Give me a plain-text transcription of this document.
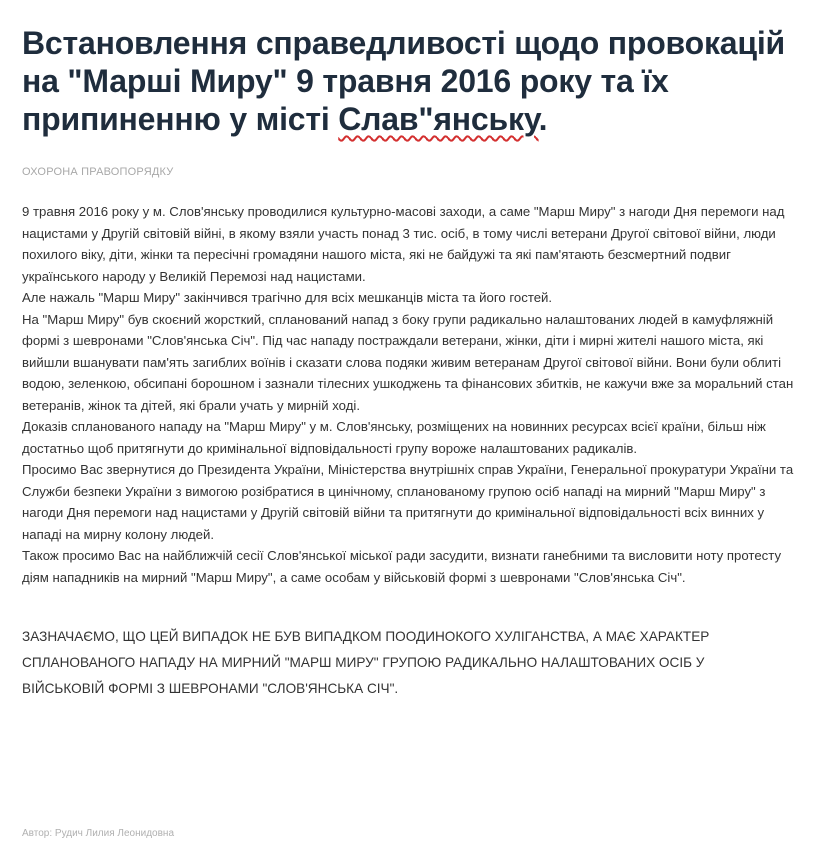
Встановлення справедливості щодо провокацій на "Марші Миру" 9 травня 2016 року та їх припиненню у місті Слав"янську.
ОХОРОНА ПРАВОПОРЯДКУ

9 травня 2016 року у м. Слов'янську проводилися культурно-масові заходи, а саме "Марш Миру" з нагоди Дня перемоги над нацистами у Другій світовій війні, в якому взяли участь понад 3 тис. осіб, в тому числі ветерани Другої світової війни, люди похилого віку, діти, жінки та пересічні громадяни нашого міста, які не байдужі та які пам'ятають безсмертний подвиг українського народу у Великій Перемозі над нацистами.

Але нажаль "Марш Миру" закінчився трагічно для всіх мешканців міста та його гостей.

На "Марш Миру" був скоєний жорсткий, спланований напад з боку групи радикально налаштованих людей в камуфляжній формі з шевронами "Слов'янська Січ". Під час нападу постраждали ветерани, жінки, діти і мирні жителі нашого міста, які вийшли вшанувати пам'ять загиблих воїнів і сказати слова подяки живим ветеранам Другої світової війни. Вони були облиті водою, зеленкою, обсипані борошном і зазнали тілесних ушкоджень та фінансових збитків, не кажучи вже за моральний стан ветеранів, жінок та дітей, які брали учать у мирній ході.

Доказів спланованого нападу на "Марш Миру" у м. Слов'янську, розміщених на новинних ресурсах всієї країни, більш ніж достатньо щоб притягнути до кримінальної відповідальності групу вороже налаштованих радикалів.

Просимо Вас звернутися до Президента України, Міністерства внутрішніх справ України, Генеральної прокуратури України та Служби безпеки України з вимогою розібратися в цинічному, спланованому групою осіб нападі на мирний "Марш Миру" з нагоди Дня перемоги над нацистами у Другій світовій війни та притягнути до кримінальної відповідальності всіх винних у нападі на мирну колону людей.

Також просимо Вас на найближчій сесії Слов'янської міської ради засудити, визнати ганебними та висловити ноту протесту діям нападників на мирний "Марш Миру", а саме особам у військовій формі з шевронами "Слов'янська Січ".

ЗАЗНАЧАЄМО, ЩО ЦЕЙ ВИПАДОК НЕ БУВ ВИПАДКОМ ПООДИНОКОГО ХУЛІГАНСТВА, А МАЄ ХАРАКТЕР СПЛАНОВАНОГО НАПАДУ НА МИРНИЙ "МАРШ МИРУ" ГРУПОЮ РАДИКАЛЬНО НАЛАШТОВАНИХ ОСІБ У ВІЙСЬКОВІЙ ФОРМІ З ШЕВРОНАМИ "СЛОВ'ЯНСЬКА СІЧ".
Автор: Рудич Лилия Леонидовна
